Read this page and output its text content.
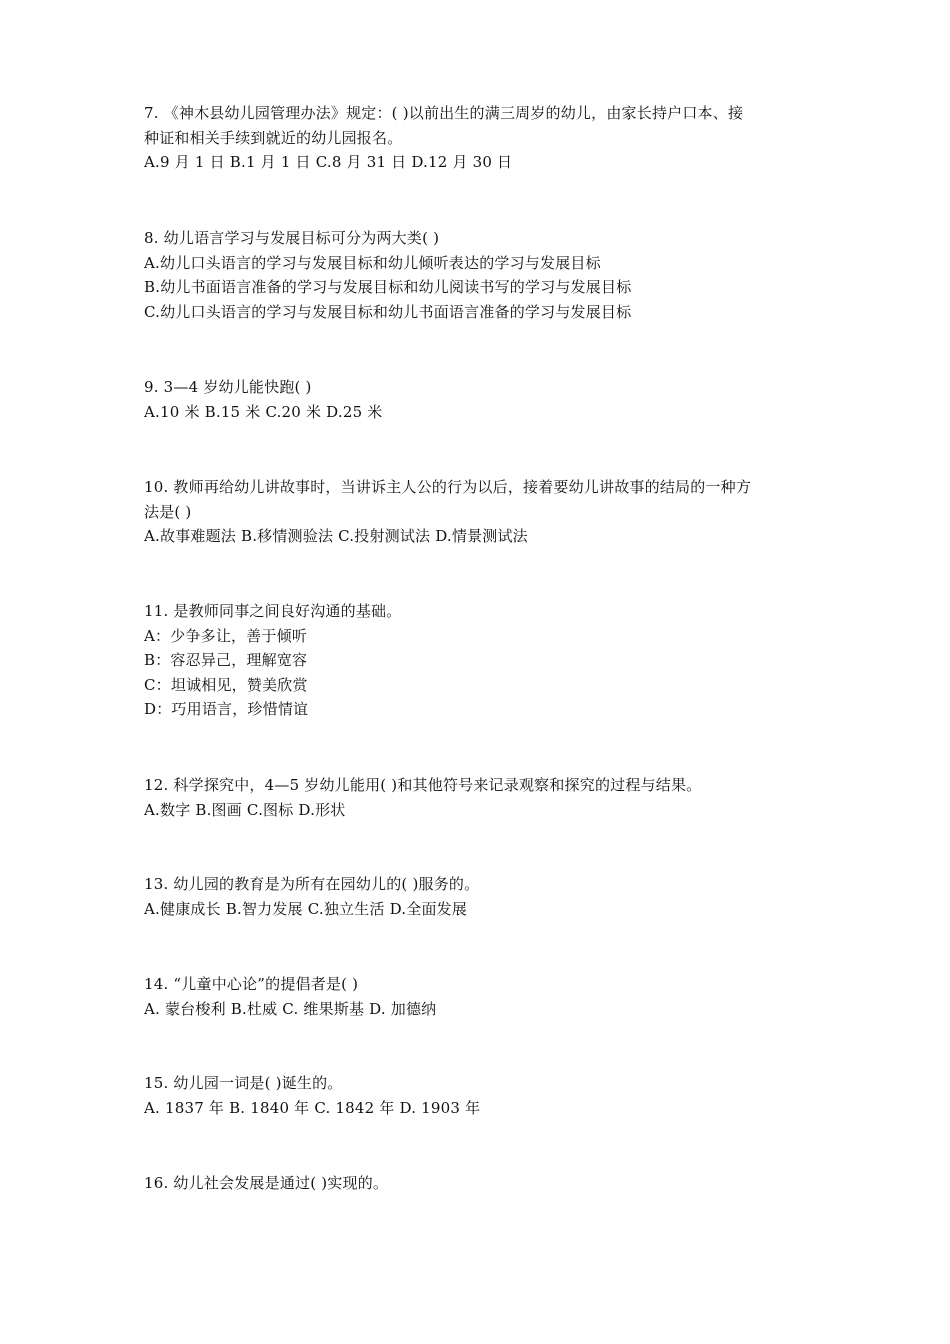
7. 《神木县幼儿园管理办法》规定：( )以前出生的满三周岁的幼儿，由家长持户口本、接
种证和相关手续到就近的幼儿园报名。
A.9 月 1 日 B.1 月 1 日 C.8 月 31 日 D.12 月 30 日
8. 幼儿语言学习与发展目标可分为两大类( )
A.幼儿口头语言的学习与发展目标和幼儿倾听表达的学习与发展目标
B.幼儿书面语言准备的学习与发展目标和幼儿阅读书写的学习与发展目标
C.幼儿口头语言的学习与发展目标和幼儿书面语言准备的学习与发展目标
9. 3—4 岁幼儿能快跑( )
A.10 米 B.15 米 C.20 米 D.25 米
10. 教师再给幼儿讲故事时，当讲诉主人公的行为以后，接着要幼儿讲故事的结局的一种方
法是( )
A.故事难题法 B.移情测验法 C.投射测试法 D.情景测试法
11. 是教师同事之间良好沟通的基础。
A：少争多让，善于倾听
B：容忍异己，理解宽容
C：坦诚相见，赞美欣赏
D：巧用语言，珍惜情谊
12. 科学探究中，4—5 岁幼儿能用( )和其他符号来记录观察和探究的过程与结果。
A.数字 B.图画 C.图标 D.形状
13. 幼儿园的教育是为所有在园幼儿的( )服务的。
A.健康成长 B.智力发展 C.独立生活 D.全面发展
14. “儿童中心论”的提倡者是( )
A. 蒙台梭利 B.杜威 C. 维果斯基 D. 加德纳
15. 幼儿园一词是( )诞生的。
A. 1837 年 B. 1840 年 C. 1842 年 D. 1903 年
16. 幼儿社会发展是通过( )实现的。
